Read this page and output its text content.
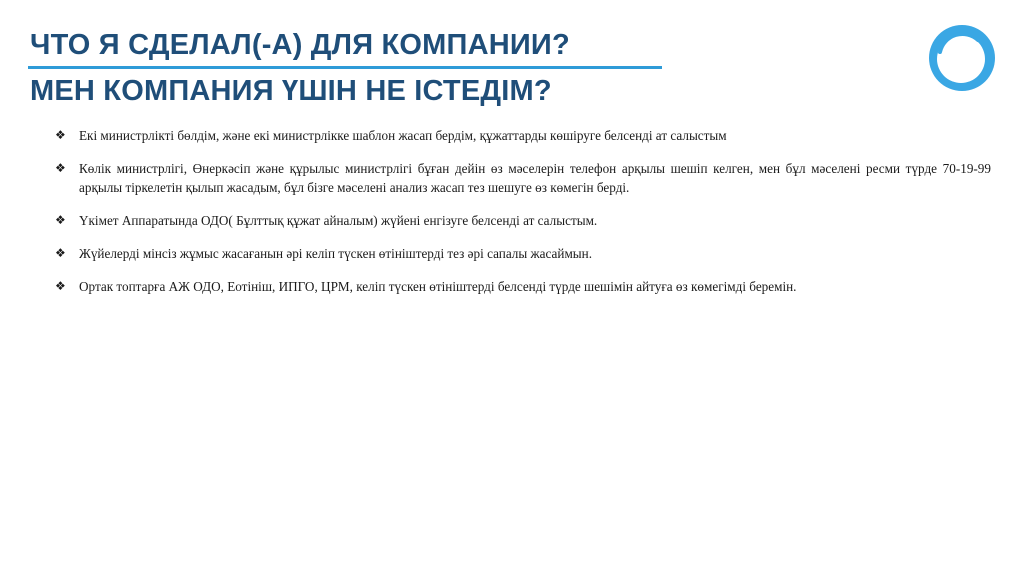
ЧТО Я СДЕЛАЛ(-А) ДЛЯ КОМПАНИИ?
МЕН КОМПАНИЯ ҮШІН НЕ ІСТЕДІМ?
❖ Екі министрлікті бөлдім, және екі министрлікке шаблон жасап бердім, құжаттарды көшіруге белсенді ат салыстым
❖ Көлік министрлігі, Өнеркәсіп және құрылыс министрлігі бұған дейін өз мәселерін телефон арқылы шешіп келген, мен бұл мәселені ресми түрде 70-19-99 арқылы тіркелетін қылып жасадым, бұл бізге мәселені анализ жасап тез шешуге өз көмегін берді.
❖ Үкімет Аппаратында ОДО( Бұлттық құжат айналым) жүйені енгізуге белсенді ат салыстым.
❖ Жүйелерді мінсіз жұмыс жасағанын әрі келіп түскен өтініштерді тез әрі сапалы жасаймын.
❖ Ортак топтарға АЖ ОДО, Еотініш, ИПГО, ЦРМ, келіп түскен өтініштерді белсенді түрде шешімін айтуға өз көмегімді беремін.
